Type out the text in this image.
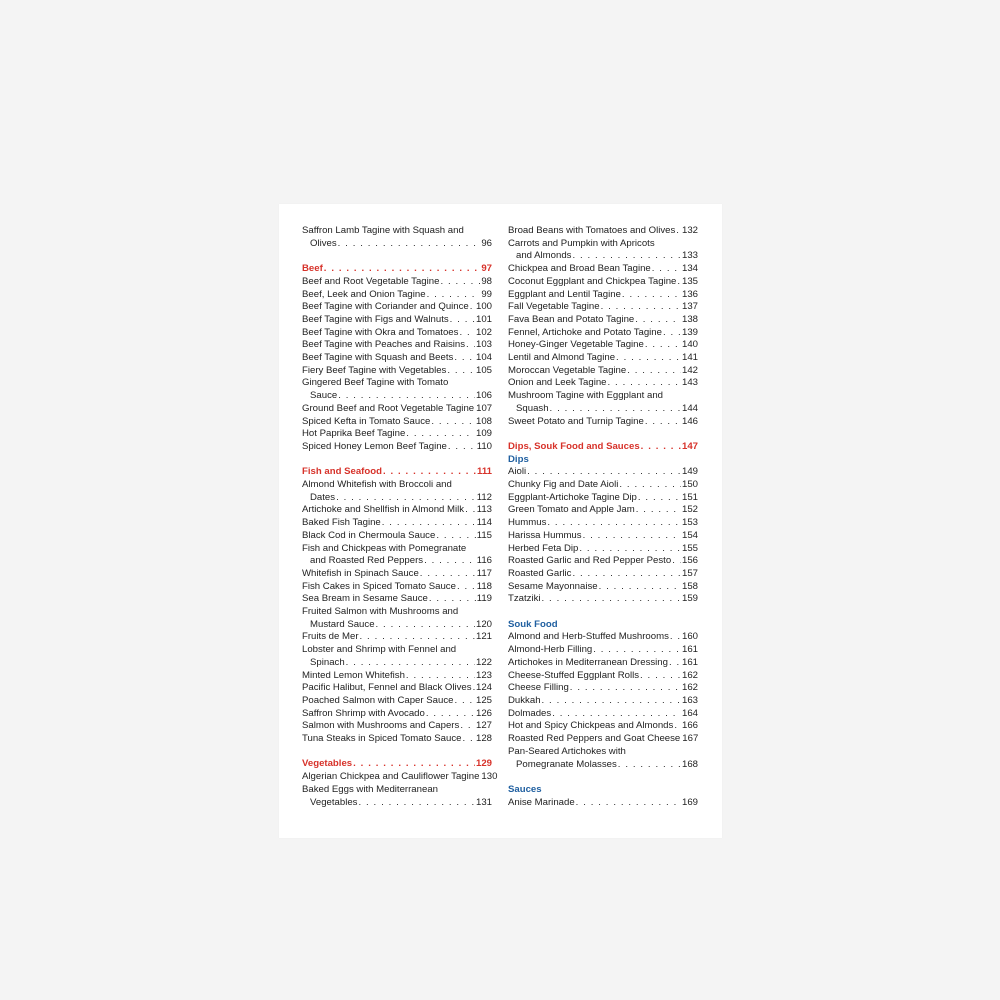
Saffron Lamb Tagine with Squash and
Olives . . .	96
Beef . . .	97
Beef and Root Vegetable Tagine . . .	98
Beef, Leek and Onion Tagine . . .	99
Beef Tagine with Coriander and Quince . . . 100
Beef Tagine with Figs and Walnuts . . .	101
Beef Tagine with Okra and Tomatoes . . . 102
Beef Tagine with Peaches and Raisins . . . 103
Beef Tagine with Squash and Beets . . . 104
Fiery Beef Tagine with Vegetables . . .	105
Gingered Beef Tagine with Tomato
Sauce . . .	106
Ground Beef and Root Vegetable Tagine 107
Spiced Kefta in Tomato Sauce . . .	108
Hot Paprika Beef Tagine . . .	109
Spiced Honey Lemon Beef Tagine . . .	110
Fish and Seafood . . .	111
Almond Whitefish with Broccoli and
Dates . . .	112
Artichoke and Shellfish in Almond Milk . . . 113
Baked Fish Tagine . . .	114
Black Cod in Chermoula Sauce . . .	115
Fish and Chickpeas with Pomegranate
and Roasted Red Peppers . . .	116
Whitefish in Spinach Sauce . . .	117
Fish Cakes in Spiced Tomato Sauce . . . 118
Sea Bream in Sesame Sauce . . .	119
Fruited Salmon with Mushrooms and
Mustard Sauce . . .	120
Fruits de Mer . . .	121
Lobster and Shrimp with Fennel and
Spinach . . .	122
Minted Lemon Whitefish . . .	123
Pacific Halibut, Fennel and Black Olives . . . 124
Poached Salmon with Caper Sauce . . . 125
Saffron Shrimp with Avocado . . .	126
Salmon with Mushrooms and Capers . . . 127
Tuna Steaks in Spiced Tomato Sauce . . . 128
Vegetables . . .	129
Algerian Chickpea and Cauliflower Tagine 130
Baked Eggs with Mediterranean
Vegetables . . .	131
Broad Beans with Tomatoes and Olives . . . 132
Carrots and Pumpkin with Apricots
and Almonds . . .	133
Chickpea and Broad Bean Tagine . . .	134
Coconut Eggplant and Chickpea Tagine . . . 135
Eggplant and Lentil Tagine . . .	136
Fall Vegetable Tagine . . .	137
Fava Bean and Potato Tagine . . .	138
Fennel, Artichoke and Potato Tagine . . . 139
Honey-Ginger Vegetable Tagine . . .	140
Lentil and Almond Tagine . . .	141
Moroccan Vegetable Tagine . . .	142
Onion and Leek Tagine . . .	143
Mushroom Tagine with Eggplant and
Squash . . .	144
Sweet Potato and Turnip Tagine . . .	146
Dips, Souk Food and Sauces . . .	147
Dips
Aioli . . .	149
Chunky Fig and Date Aioli . . .	150
Eggplant-Artichoke Tagine Dip . . .	151
Green Tomato and Apple Jam . . .	152
Hummus . . .	153
Harissa Hummus . . .	154
Herbed Feta Dip . . .	155
Roasted Garlic and Red Pepper Pesto . . . 156
Roasted Garlic . . .	157
Sesame Mayonnaise . . .	158
Tzatziki . . .	159
Souk Food
Almond and Herb-Stuffed Mushrooms . . . 160
Almond-Herb Filling . . .	161
Artichokes in Mediterranean Dressing . . . 161
Cheese-Stuffed Eggplant Rolls . . .	162
Cheese Filling . . .	162
Dukkah . . .	163
Dolmades . . .	164
Hot and Spicy Chickpeas and Almonds . . . 166
Roasted Red Peppers and Goat Cheese 167
Pan-Seared Artichokes with
Pomegranate Molasses . . .	168
Sauces
Anise Marinade . . .	169
